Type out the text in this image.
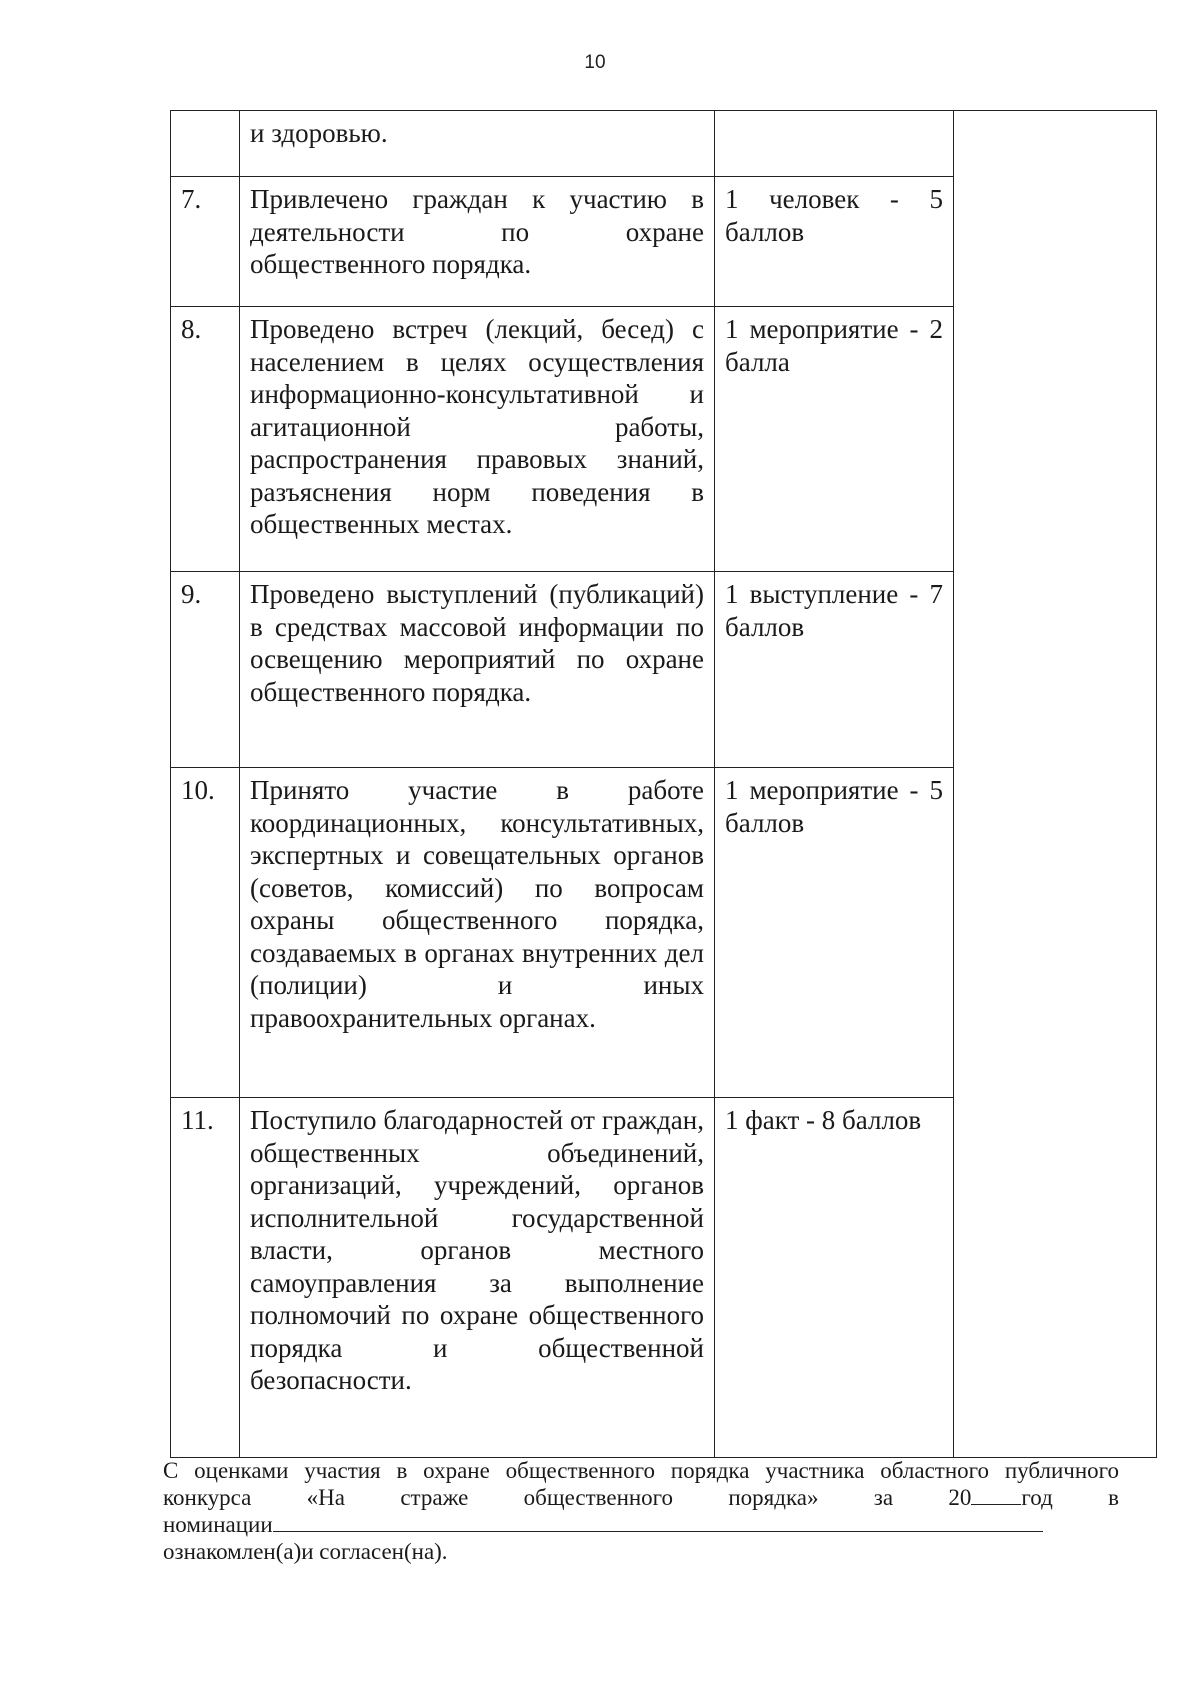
10
	и здоровью.		
7.	Привлечено граждан к участию в деятельности по охране общественного порядка.	1 человек - 5 баллов	
8.	Проведено встреч (лекций, бесед) с населением в целях осуществления информационно-консультативной и агитационной работы, распространения правовых знаний, разъяснения норм поведения в общественных местах.	1 мероприятие - 2 балла	
9.	Проведено выступлений (публикаций) в средствах массовой информации по освещению мероприятий по охране общественного порядка.	1 выступление - 7 баллов	
10.	Принято участие в работе координационных, консультативных, экспертных и совещательных органов (советов, комиссий) по вопросам охраны общественного порядка, создаваемых в органах внутренних дел (полиции) и иных правоохранительных органах.	1 мероприятие - 5 баллов	
11.	Поступило благодарностей от граждан, общественных объединений, организаций, учреждений, органов исполнительной государственной власти, органов местного самоуправления за выполнение полномочий по охране общественного порядка и общественной безопасности.	1 факт - 8 баллов	
С оценками участия в охране общественного порядка участника областного публичного
конкурса «На страже общественного порядка» за 20 год в
номинации
ознакомлен(а)и согласен(на).
